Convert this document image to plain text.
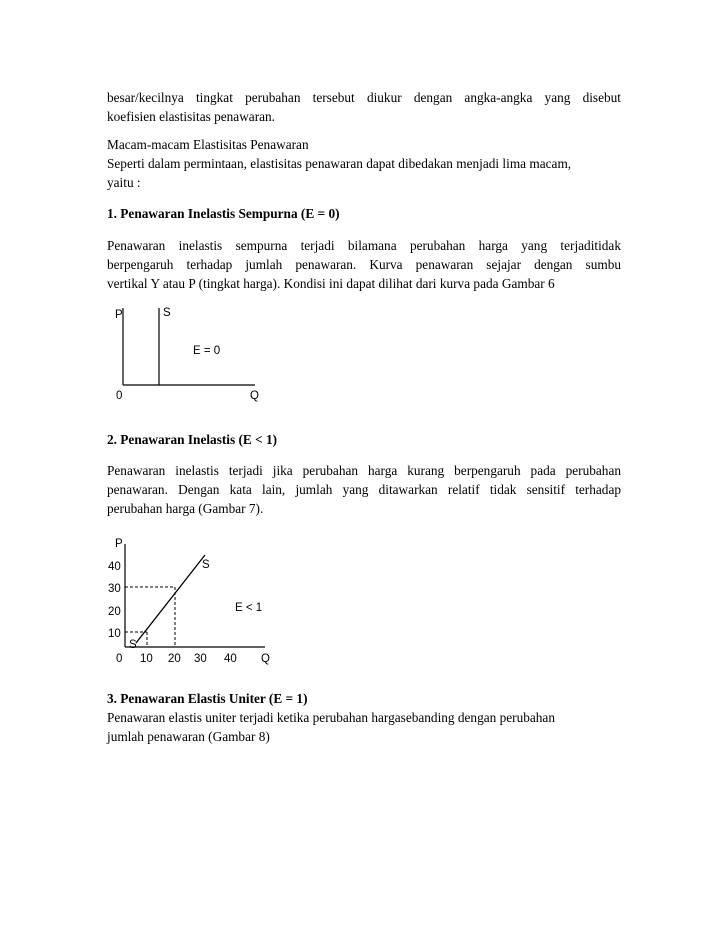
besar/kecilnya tingkat perubahan tersebut diukur dengan angka-angka yang disebut

koefisien elastisitas penawaran.

Macam-macam Elastisitas Penawaran

Seperti dalam permintaan, elastisitas penawaran dapat dibedakan menjadi lima macam,

yaitu :

1. Penawaran Inelastis Sempurna (E = 0)

Penawaran inelastis sempurna terjadi bilamana perubahan harga yang terjaditidak

berpengaruh terhadap jumlah penawaran. Kurva penawaran sejajar dengan sumbu

vertikal Y atau P (tingkat harga). Kondisi ini dapat dilihat dari kurva pada Gambar 6

P	S
E = 0
0	Q

2. Penawaran Inelastis (E < 1)

Penawaran inelastis terjadi jika perubahan harga kurang berpengaruh pada perubahan

penawaran. Dengan kata lain, jumlah yang ditawarkan relatif tidak sensitif terhadap

perubahan harga (Gambar 7).

P
40
30
20
10
S
S
E < 1
0 10 20 30 40 Q

3. Penawaran Elastis Uniter (E = 1)

Penawaran elastis uniter terjadi ketika perubahan hargasebanding dengan perubahan

jumlah penawaran (Gambar 8)
